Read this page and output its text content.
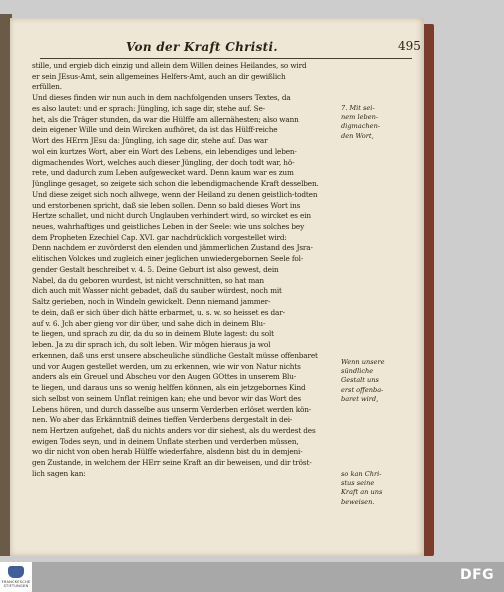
Von der Kraft Christi.	495
stille, und ergieb dich einzig und allein dem Willen deines Heilandes, so wird
er sein JEsus-Amt, sein allgemeines Helfers-Amt, auch an dir gewißlich
erfüllen.
Und dieses finden wir nun auch in dem nachfolgenden unsers Textes, da
es also lautet: und er sprach: Jüngling, ich sage dir, stehe auf. Se-
het, als die Träger stunden, da war die Hülffe am allernähesten; also wann
dein eigener Wille und dein Wircken aufhöret, da ist das Hülff-reiche
Wort des HErrn JEsu da: Jüngling, ich sage dir, stehe auf. Das war
wol ein kurtzes Wort, aber ein Wort des Lebens, ein lebendiges und leben-
digmachendes Wort, welches auch dieser Jüngling, der doch todt war, hö-
rete, und dadurch zum Leben aufgewecket ward. Denn kaum war es zum
Jünglinge gesaget, so zeigete sich schon die lebendigmachende Kraft desselben.
Und diese zeiget sich noch allwege, wenn der Heiland zu denen geistlich-todten
und erstorbenen spricht, daß sie leben sollen. Denn so bald dieses Wort ins
Hertze schallet, und nicht durch Unglauben verhindert wird, so wircket es ein
neues, wahrhaftiges und geistliches Leben in der Seele: wie uns solches bey
dem Propheten Ezechiel Cap. XVI. gar nachdrücklich vorgestellet wird:
Denn nachdem er zuvörderst den elenden und jämmerlichen Zustand des Jsra-
elitischen Volckes und zugleich einer jeglichen unwiedergebornen Seele fol-
gender Gestalt beschreibet v. 4. 5. Deine Geburt ist also gewest, dein
Nabel, da du geboren wurdest, ist nicht verschnitten, so hat man
dich auch mit Wasser nicht gebadet, daß du sauber würdest, noch mit
Saltz gerieben, noch in Windeln gewickelt. Denn niemand jammer-
te dein, daß er sich über dich hätte erbarmet, u. s. w. so heisset es dar-
auf v. 6. Jch aber gieng vor dir über, und sahe dich in deinem Blu-
te liegen, und sprach zu dir, da du so in deinem Blute lagest: du solt
leben. Ja zu dir sprach ich, du solt leben. Wir mögen hieraus ja wol
erkennen, daß uns erst unsere abscheuliche sündliche Gestalt müsse offenbaret
und vor Augen gestellet werden, um zu erkennen, wie wir von Natur nichts
anders als ein Greuel und Abscheu vor den Augen GOttes in unserem Blu-
te liegen, und daraus uns so wenig helffen können, als ein jetzgebornes Kind
sich selbst von seinem Unflat reinigen kan; ehe und bevor wir das Wort des
Lebens hören, und durch dasselbe aus unserm Verderben erlöset werden kön-
nen. Wo aber das Erkänntniß deines tieffen Verderbens dergestalt in dei-
nem Hertzen aufgehet, daß du nichts anders vor dir siehest, als du werdest des
ewigen Todes seyn, und in deinem Unflate sterben und verderben müssen,
wo dir nicht von oben herab Hülffe wiederfahre, alsdenn bist du in demjeni-
gen Zustande, in welchem der HErr seine Kraft an dir beweisen, und dir tröst-
lich sagen kan:
7. Mit sei-
nem leben-
digmachen-
den Wort,
Wenn unsere
sündliche
Gestalt uns
erst offenba-
baret wird,
so kan Chri-
stus seine
Kraft an uns
beweisen.
FRANCKESCHE
STIFTUNGEN
DFG
